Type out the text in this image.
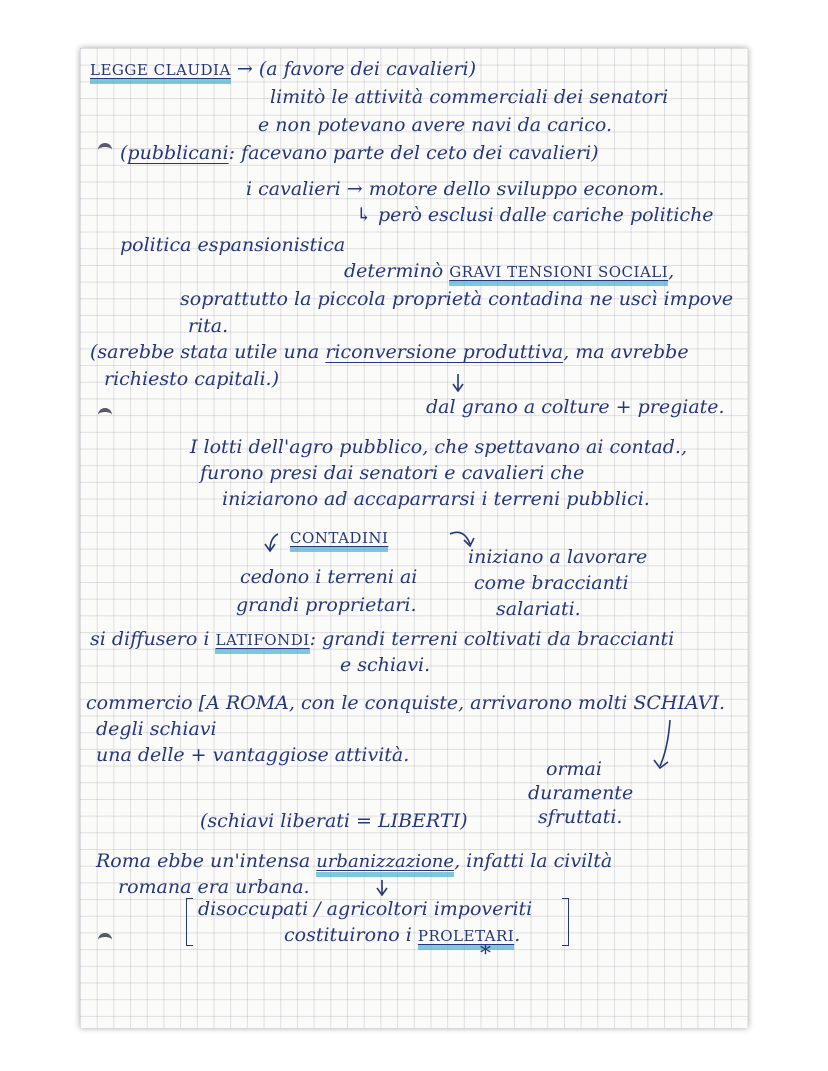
LEGGE CLAUDIA → (a favore dei cavalieri)
limitò le attività commerciali dei senatori
e non potevano avere navi da carico.
(pubblicani: facevano parte del ceto dei cavalieri)
i cavalieri → motore dello sviluppo econom.
↳ però esclusi dalle cariche politiche
politica espansionistica
determinò GRAVI TENSIONI SOCIALI,
soprattutto la piccola proprietà contadina ne uscì impove
rita.
(sarebbe stata utile una riconversione produttiva, ma avrebbe
richiesto capitali.)
dal grano a colture + pregiate.
I lotti dell'agro pubblico, che spettavano ai contad.,
furono presi dai senatori e cavalieri che
iniziarono ad accaparrarsi i terreni pubblici.
CONTADINI
cedono i terreni ai
grandi proprietari.
iniziano a lavorare
come braccianti
salariati.
si diffusero i LATIFONDI: grandi terreni coltivati da braccianti
e schiavi.
commercio [A ROMA, con le conquiste, arrivarono molti SCHIAVI.
degli schiavi
una delle + vantaggiose attività.
ormai
duramente
sfruttati.
(schiavi liberati = LIBERTI)
Roma ebbe un'intensa urbanizzazione, infatti la civiltà
romana era urbana.
disoccupati / agricoltori impoveriti
costituirono i PROLETARI.
*
